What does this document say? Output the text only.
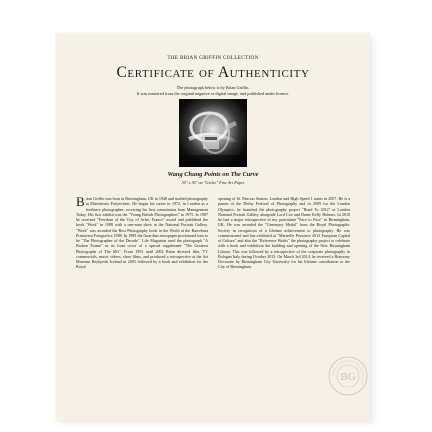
THE BRIAN GRIFFIN COLLECTION
Certificate of Authenticity
The photograph below is by Brian Griffin.
It was mastered from the original negative or digital image, and published under licence.
Wang Chung Points on The Curve
30" x 30" on "Giclee" Fine Art Paper

Brian Griffin was born in Birmingham, UK in 1948 and studied photography at Manchester Polytechnic. He began his career in 1972, in London as a freelance photographer, receiving his first commission from Management Today. His first exhibit was the "Young British Photographers" in 1975. In 1987 he received "Freedom of the City of Arles, France" award and published the book "Work" in 1988 with a one-man show at the National Portrait Gallery. "Work" was awarded the Best Photography book in the World at the Barcelona Primavera Fotografica 1988. In 1989 the Guardian newspaper proclaimed him to be "The Photographer of the Decade". Life Magazine used the photograph "A Broken Frame" as its front cover of a special supplement "The Greatest Photographs of The 80's". From 1991 until 2002 Brian directed film, TV commercials, music videos, short films, and produced a retrospective at the Art Museum Reykjavik Iceland in 2005 followed by a book and exhibition for the Royal

opening of St. Pancras Station, London and High Speed 1 trains in 2007. He is a patron of the Derby Festival of Photography and in 2009 for the London Olympics, he launched the photography project "Road To 2012" at London National Portrait Gallery alongside Lord Coe and Dame Kelly Holmes. In 2010 he had a major retrospective of my portraiture "Face to Face" in Birmingham, UK. He was awarded the "Centenary Medal" from the Royal Photographic Society in recognition of a lifetime achievement to photography. He was commissioned and has exhibited at "Marseille Provence 2013 European Capital of Culture" and also the "Reference Works" the photography project to celebrate with a book and exhibition the building and opening of the New Birmingham Library. This was followed by a retrospective of the corporate photography in Bologna Italy during October 2013. On March 3rd 2014, he received a Honorary Doctorate by Birmingham City University for his lifetime contribution to the City of Birmingham.

BRIAN GRIFFIN COLLECTION
BG
